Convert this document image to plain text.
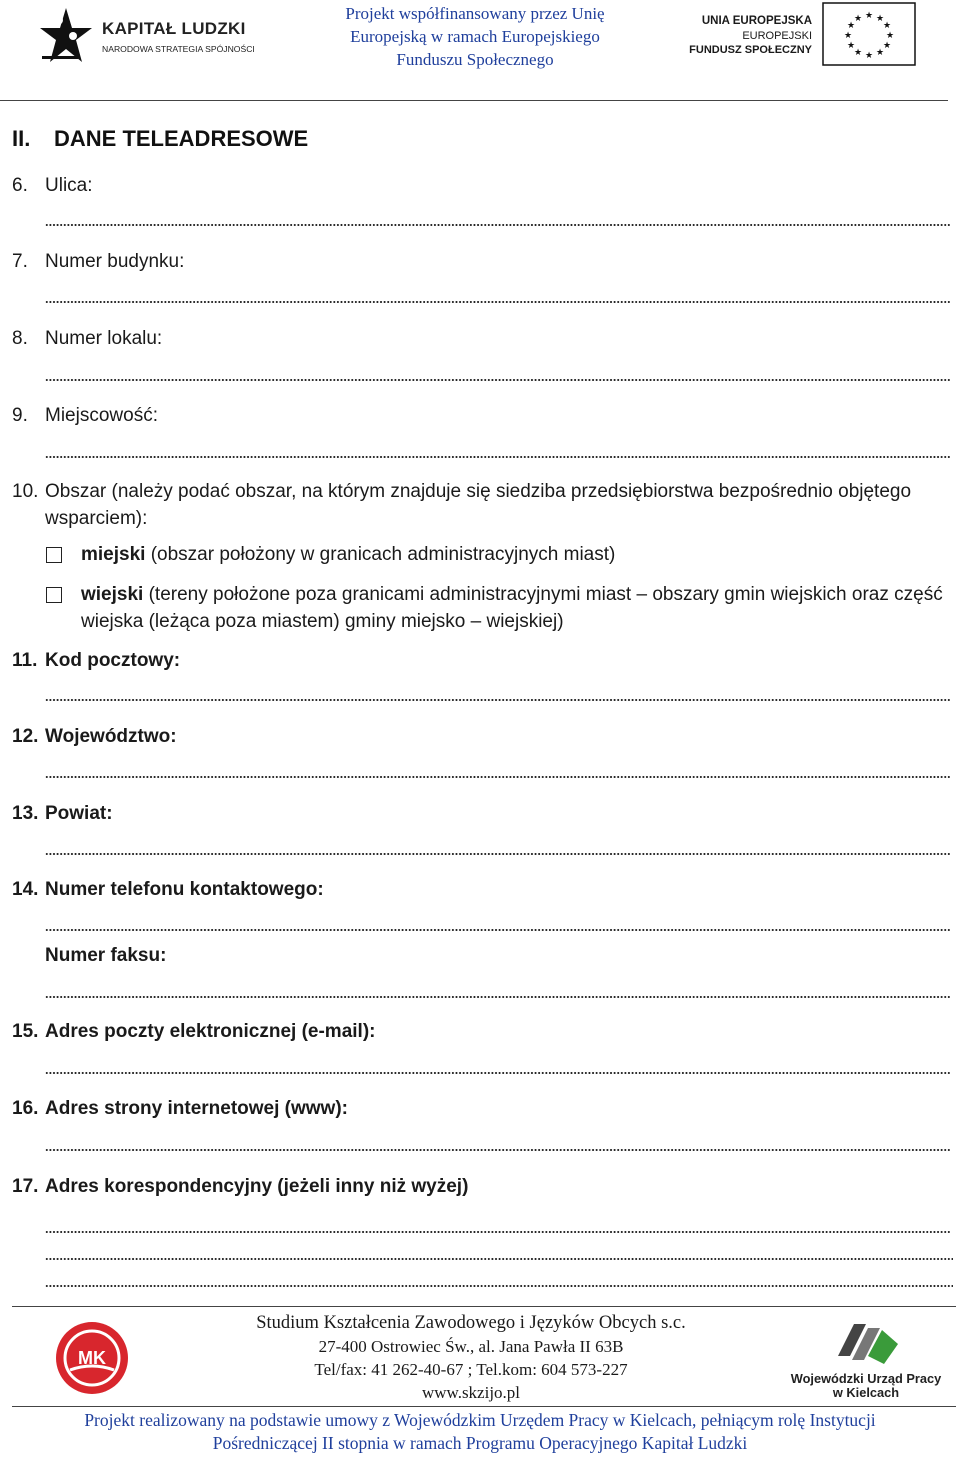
KAPITAŁ LUDZKI
NARODOWA STRATEGIA SPÓJNOŚCI
Projekt współfinansowany przez Unię
Europejską w ramach Europejskiego
Funduszu Społecznego
UNIA EUROPEJSKA
EUROPEJSKI
FUNDUSZ SPOŁECZNY
★ ★
★
★
★
★
★
★
★
★
★
★
II. DANE TELEADRESOWE
6. Ulica:
7. Numer budynku:
8. Numer lokalu:
9. Miejscowość:
10. Obszar (należy podać obszar, na którym znajduje się siedziba przedsiębiorstwa bezpośrednio objętego wsparciem):
miejski (obszar położony w granicach administracyjnych miast)
wiejski (tereny położone poza granicami administracyjnymi miast – obszary gmin wiejskich oraz część wiejska (leżąca poza miastem) gminy miejsko – wiejskiej)
11. Kod pocztowy:
12. Województwo:
13. Powiat:
14. Numer telefonu kontaktowego:
Numer faksu:
15. Adres poczty elektronicznej (e-mail):
16. Adres strony internetowej (www):
17. Adres korespondencyjny (jeżeli inny niż wyżej)
MK
Studium Kształcenia Zawodowego i Języków Obcych s.c.
27-400 Ostrowiec Św., al. Jana Pawła II 63B
Tel/fax: 41 262-40-67 ; Tel.kom: 604 573-227
www.skzijo.pl
Wojewódzki Urząd Pracy
w Kielcach
Projekt realizowany na podstawie umowy z Wojewódzkim Urzędem Pracy w Kielcach, pełniącym rolę Instytucji
Pośredniczącej II stopnia w ramach Programu Operacyjnego Kapitał Ludzki
